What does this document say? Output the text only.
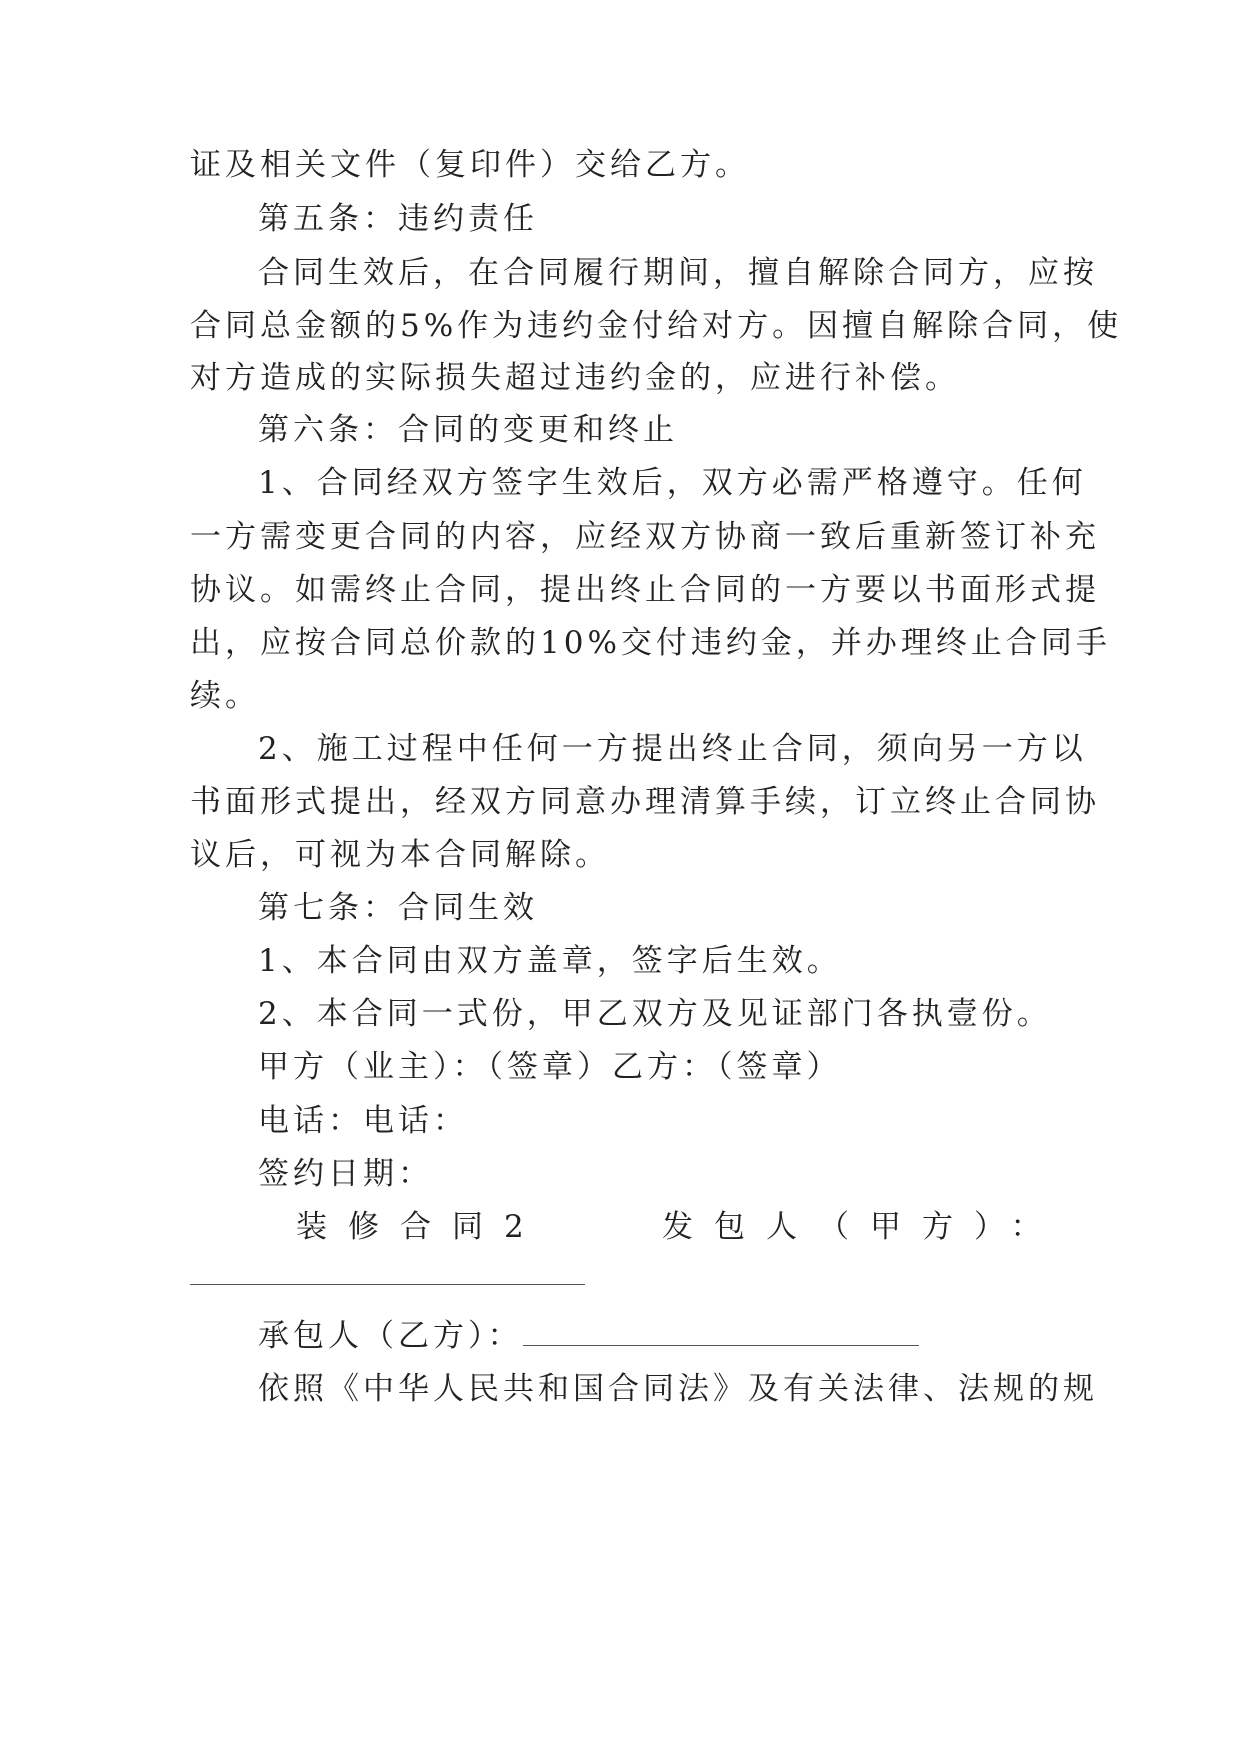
证及相关文件（复印件）交给乙方。
第五条：违约责任
合同生效后，在合同履行期间，擅自解除合同方，应按
合同总金额的5%作为违约金付给对方。因擅自解除合同，使
对方造成的实际损失超过违约金的，应进行补偿。
第六条：合同的变更和终止
1、合同经双方签字生效后，双方必需严格遵守。任何
一方需变更合同的内容，应经双方协商一致后重新签订补充
协议。如需终止合同，提出终止合同的一方要以书面形式提
出，应按合同总价款的10%交付违约金，并办理终止合同手
续。
2、施工过程中任何一方提出终止合同，须向另一方以
书面形式提出，经双方同意办理清算手续，订立终止合同协
议后，可视为本合同解除。
第七条：合同生效
1、本合同由双方盖章，签字后生效。
2、本合同一式份，甲乙双方及见证部门各执壹份。
甲方（业主）：（签章）乙方：（签章）
电话：电话：
签约日期：
装修合同2	发包人（甲方）：
承包人（乙方）：
依照《中华人民共和国合同法》及有关法律、法规的规
